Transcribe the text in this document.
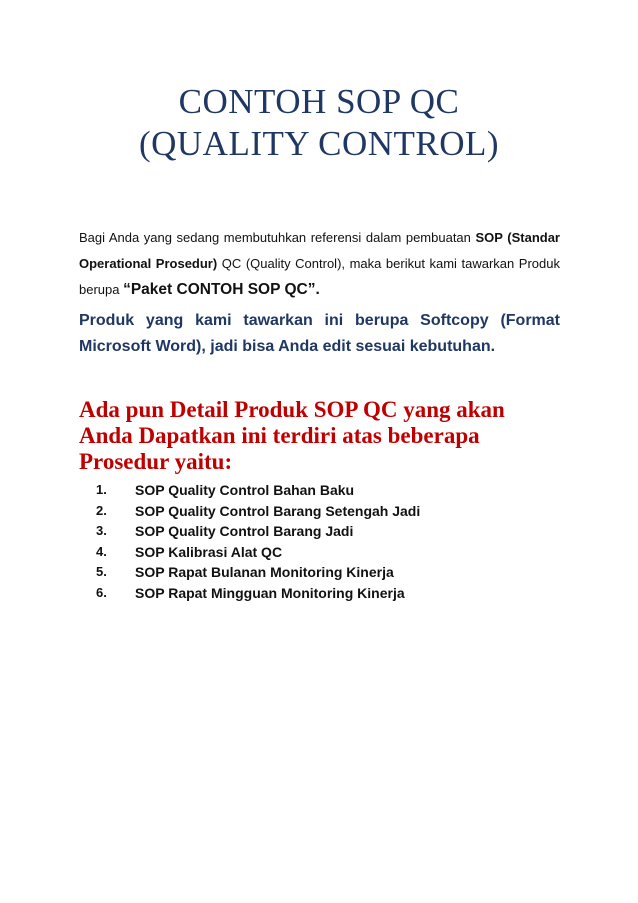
CONTOH SOP QC
(QUALITY CONTROL)

Bagi Anda yang sedang membutuhkan referensi dalam pembuatan SOP (Standar Operational Prosedur) QC (Quality Control), maka berikut kami tawarkan Produk berupa “Paket CONTOH SOP QC”.

Produk yang kami tawarkan ini berupa Softcopy (Format Microsoft Word), jadi bisa Anda edit sesuai kebutuhan.

Ada pun Detail Produk SOP QC yang akan Anda Dapatkan ini terdiri atas beberapa Prosedur yaitu:

1. SOP Quality Control Bahan Baku
2. SOP Quality Control Barang Setengah Jadi
3. SOP Quality Control Barang Jadi
4. SOP Kalibrasi Alat QC
5. SOP Rapat Bulanan Monitoring Kinerja
6. SOP Rapat Mingguan Monitoring Kinerja
